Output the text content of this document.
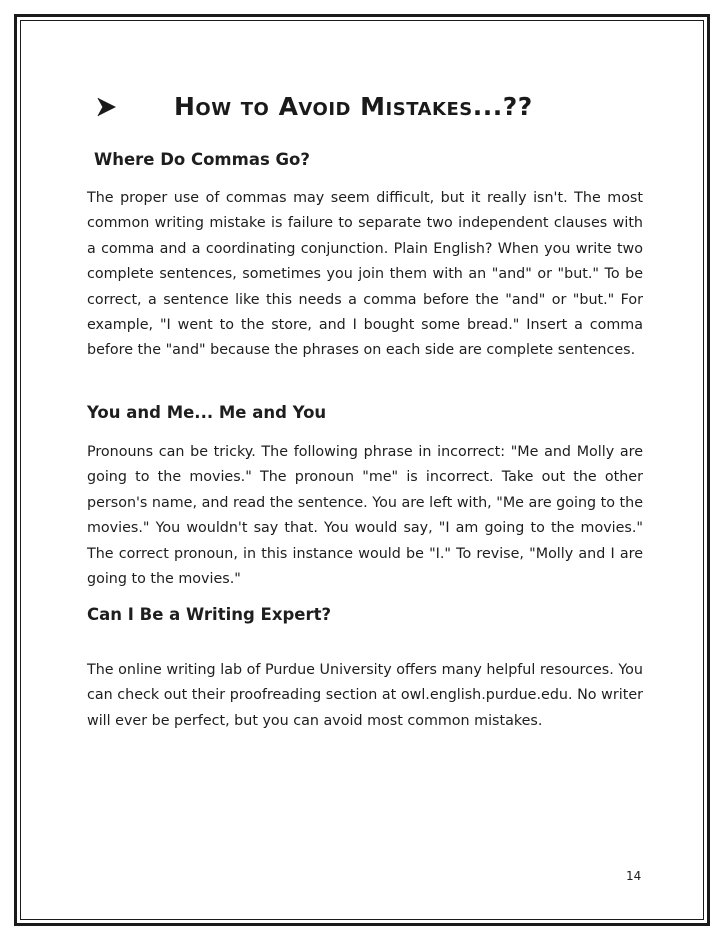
How to Avoid Mistakes...??
Where Do Commas Go?

The proper use of commas may seem difficult, but it really isn't. The most common writing mistake is failure to separate two independent clauses with a comma and a coordinating conjunction. Plain English? When you write two complete sentences, sometimes you join them with an "and" or "but." To be correct, a sentence like this needs a comma before the "and" or "but." For example, "I went to the store, and I bought some bread." Insert a comma before the "and" because the phrases on each side are complete sentences.

You and Me... Me and You

Pronouns can be tricky. The following phrase in incorrect: "Me and Molly are going to the movies." The pronoun "me" is incorrect. Take out the other person's name, and read the sentence. You are left with, "Me are going to the movies." You wouldn't say that. You would say, "I am going to the movies." The correct pronoun, in this instance would be "I." To revise, "Molly and I are going to the movies."

Can I Be a Writing Expert?

The online writing lab of Purdue University offers many helpful resources. You can check out their proofreading section at owl.english.purdue.edu. No writer will ever be perfect, but you can avoid most common mistakes.

14
